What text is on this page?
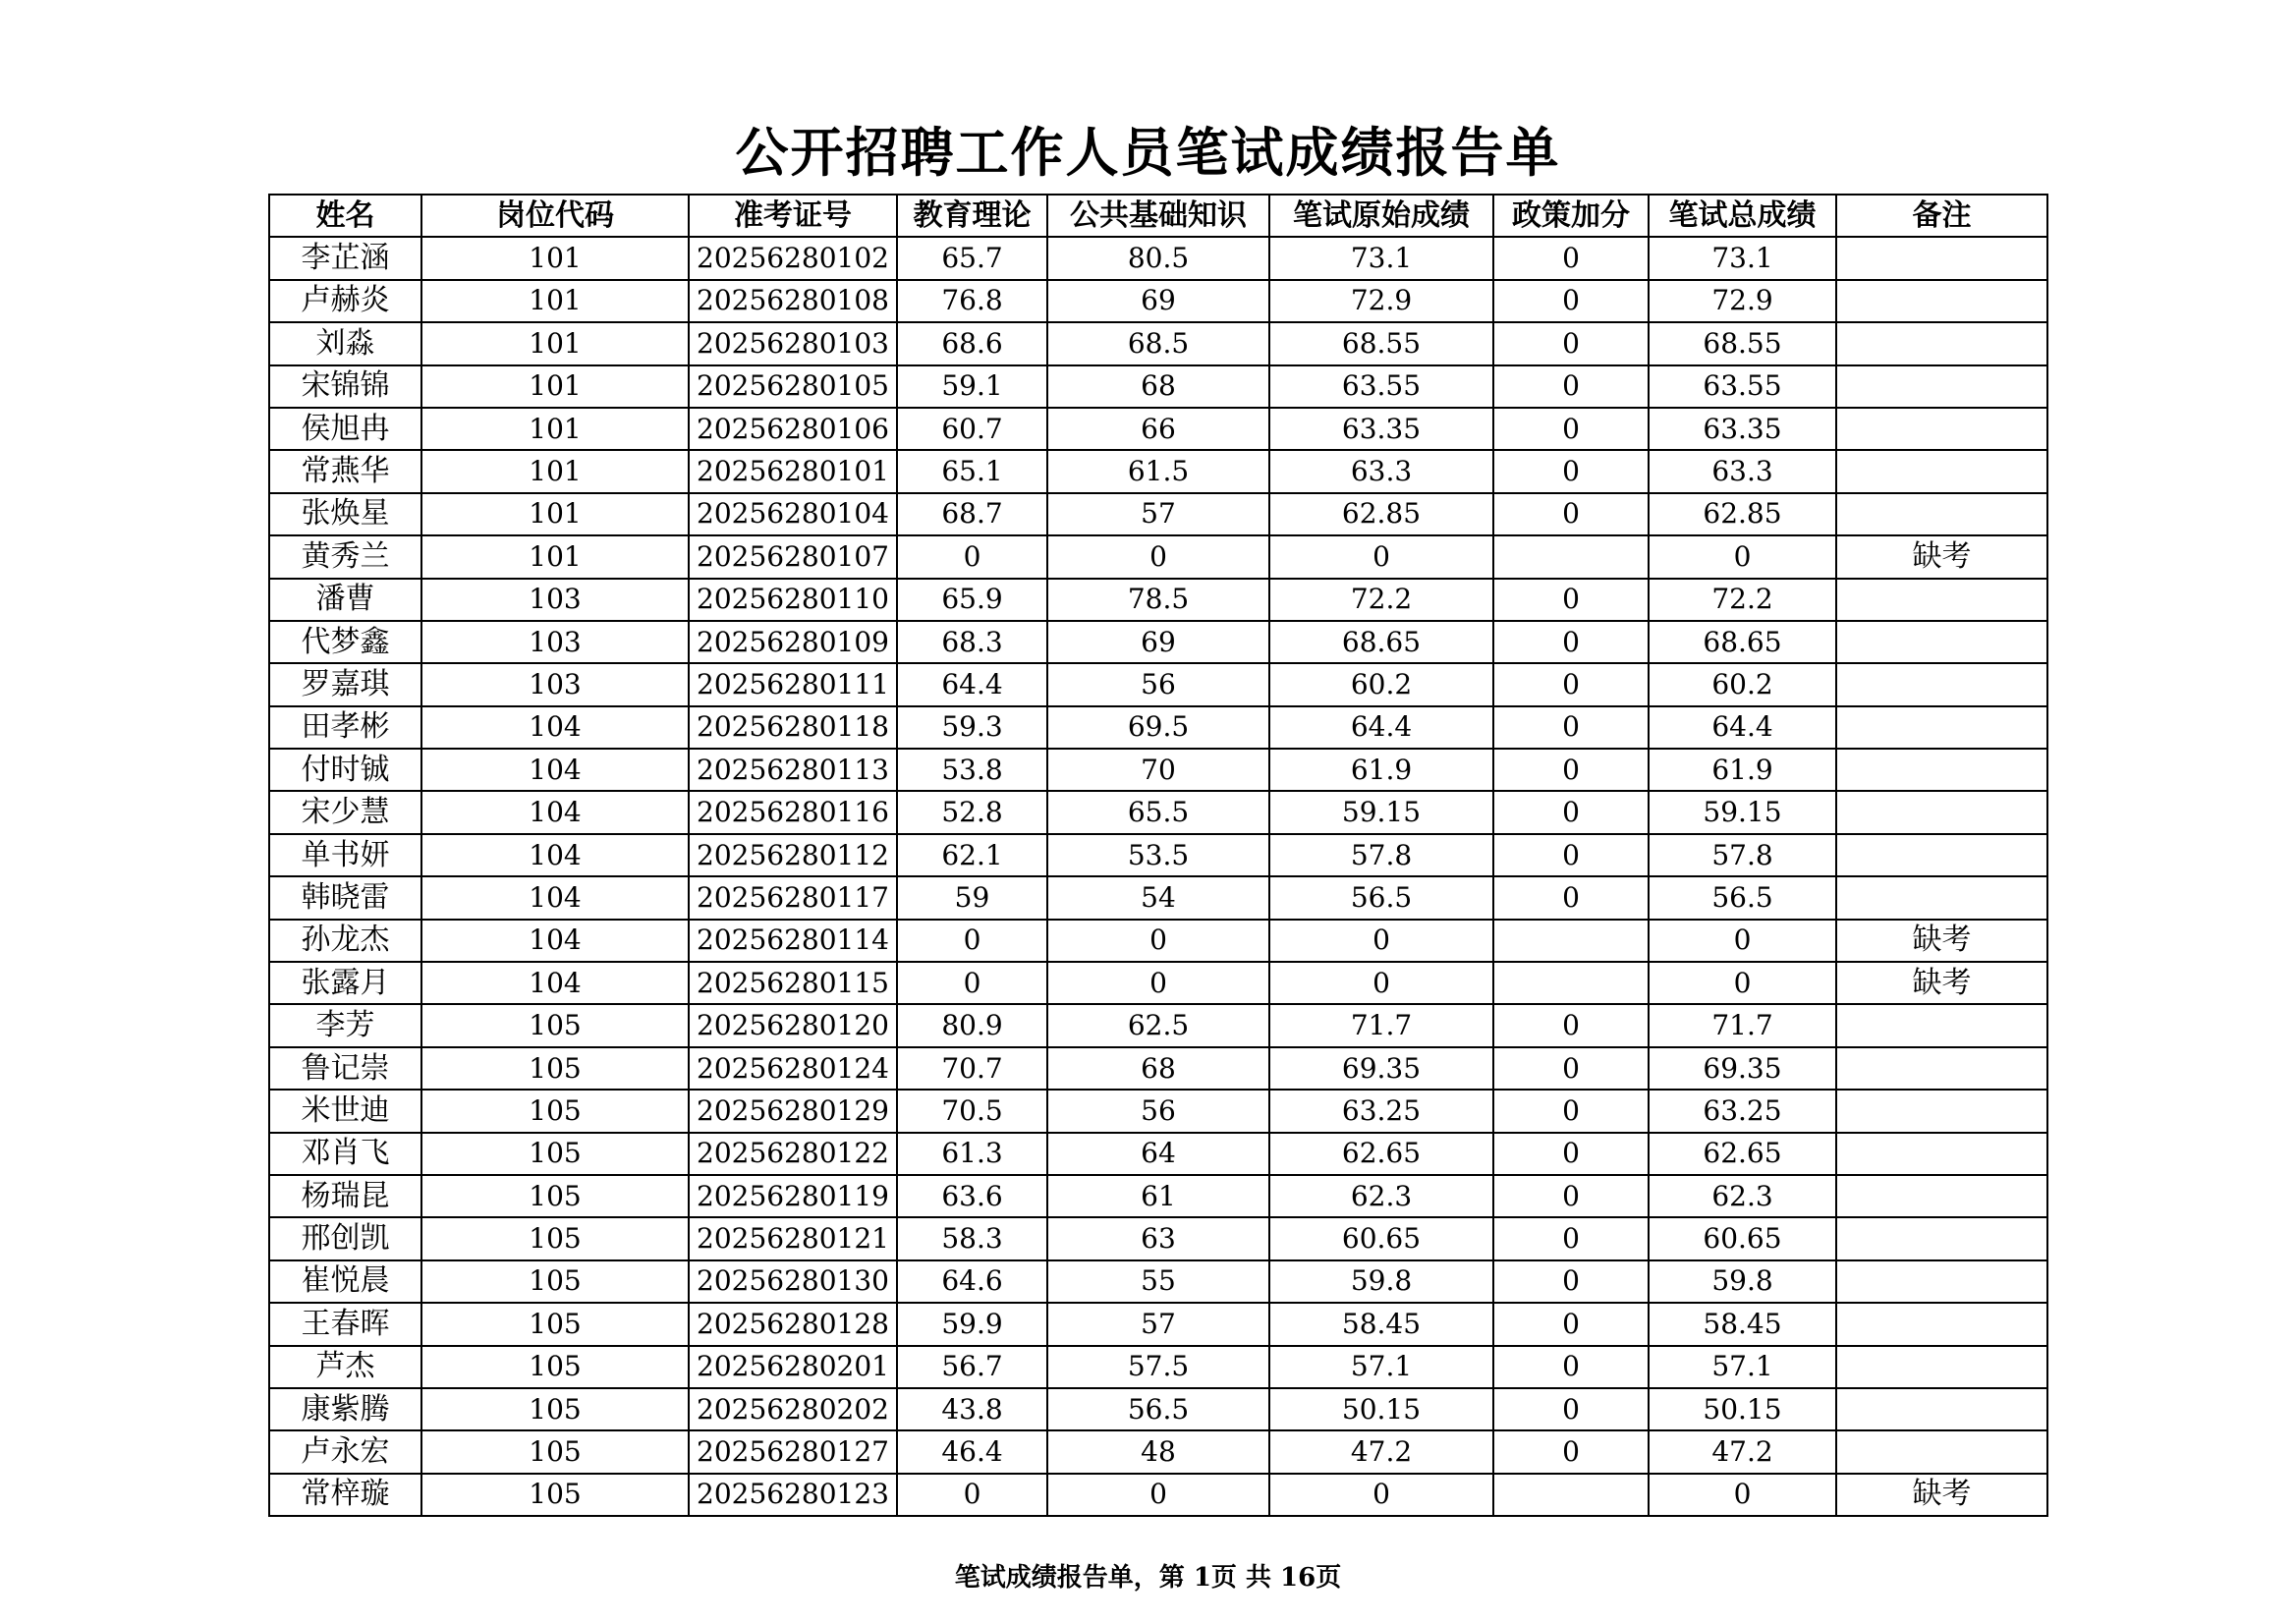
公开招聘工作人员笔试成绩报告单
姓名	岗位代码	准考证号	教育理论	公共基础知识	笔试原始成绩	政策加分	笔试总成绩	备注
李芷涵	101	20256280102	65.7	80.5	73.1	0	73.1	
卢赫炎	101	20256280108	76.8	69	72.9	0	72.9	
刘淼	101	20256280103	68.6	68.5	68.55	0	68.55	
宋锦锦	101	20256280105	59.1	68	63.55	0	63.55	
侯旭冉	101	20256280106	60.7	66	63.35	0	63.35	
常燕华	101	20256280101	65.1	61.5	63.3	0	63.3	
张焕星	101	20256280104	68.7	57	62.85	0	62.85	
黄秀兰	101	20256280107	0	0	0		0	缺考
潘曹	103	20256280110	65.9	78.5	72.2	0	72.2	
代梦鑫	103	20256280109	68.3	69	68.65	0	68.65	
罗嘉琪	103	20256280111	64.4	56	60.2	0	60.2	
田孝彬	104	20256280118	59.3	69.5	64.4	0	64.4	
付时铖	104	20256280113	53.8	70	61.9	0	61.9	
宋少慧	104	20256280116	52.8	65.5	59.15	0	59.15	
单书妍	104	20256280112	62.1	53.5	57.8	0	57.8	
韩晓雷	104	20256280117	59	54	56.5	0	56.5	
孙龙杰	104	20256280114	0	0	0		0	缺考
张露月	104	20256280115	0	0	0		0	缺考
李芳	105	20256280120	80.9	62.5	71.7	0	71.7	
鲁记崇	105	20256280124	70.7	68	69.35	0	69.35	
米世迪	105	20256280129	70.5	56	63.25	0	63.25	
邓肖飞	105	20256280122	61.3	64	62.65	0	62.65	
杨瑞昆	105	20256280119	63.6	61	62.3	0	62.3	
邢创凯	105	20256280121	58.3	63	60.65	0	60.65	
崔悦晨	105	20256280130	64.6	55	59.8	0	59.8	
王春晖	105	20256280128	59.9	57	58.45	0	58.45	
芦杰	105	20256280201	56.7	57.5	57.1	0	57.1	
康紫腾	105	20256280202	43.8	56.5	50.15	0	50.15	
卢永宏	105	20256280127	46.4	48	47.2	0	47.2	
常梓璇	105	20256280123	0	0	0		0	缺考
笔试成绩报告单，第 1页 共 16页
